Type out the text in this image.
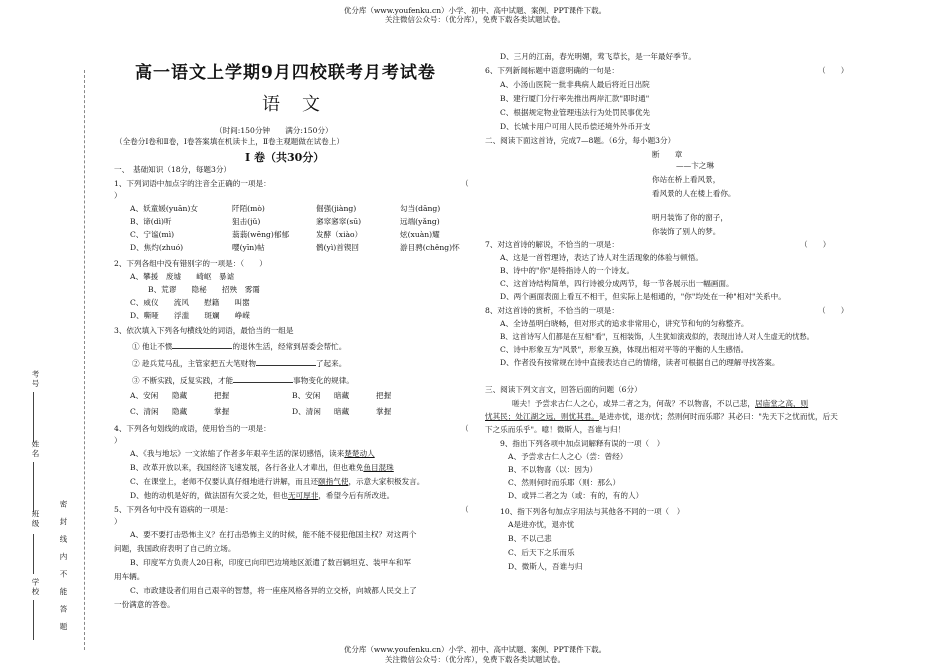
优分库（www.youfenku.cn）小学、初中、高中试题、案例、PPT课件下载。
关注微信公众号：（优分库），免费下载各类试题试卷。
考号
姓名
班级
学校	密封线内不能答题
高一语文上学期9月四校联考月考试卷
语文
（时间:150分钟　　满分:150分）
（全卷分Ⅰ卷和Ⅱ卷，Ⅰ卷答案填在机读卡上，Ⅱ卷主观题做在试卷上）
Ⅰ 卷（共30分）
一、　基础知识（18分，每题3分）
1、下列词语中加点字的注音全正确的一项是：	（
）
A、妖童媛(yuān)女	阡陌(mò)	倔强(jiàng)	勾当(dāng)
B、谛(dì)听	狙击(jǔ)	窸窣窸窣(sū)	远端(yǎng)
C、宁谧(mì)	蓊蓊(wēng)郁郁	发酵（xiào）	炫(xuàn)耀
D、焦灼(zhuó)	嘤(yīn)帖	鹘(yì)首锲回	游目骋(chěng)怀
2、下列各组中没有错别字的一项是：（　　）
A、攀援　废墟　　崎岖　暴谑
B、荒谬　　隐秘　　招殃　雾霭
C、威仪　　流风　　慰籍　　叫嚣
D、嘶哑　　浮滥　　斑斓　　峥嵘
3、依次填入下列各句横线处的词语，最恰当的一组是
① 他让不惯	的退休生活，经常到居委会帮忙。
② 趁兵荒马乱，主管家把五大笔财物	了起来。
③ 不断实践，反复实践，才能	事物变化的规律。
A、安闲 隐藏	把握	B、安闲 暗藏	把握
C、清闲 隐藏	掌握	D、清闲 暗藏	掌握
4、下列各句划线的成语，使用恰当的一项是：	（
）
A、《我与地坛》一文浓缩了作者多年艰辛生活的深切感悟，读来楚楚动人
B、改革开放以来，我国经济飞速发展，各行各业人才辈出，但也难免鱼目混珠
C、在课堂上，老师不仅要认真仔细地进行讲解，而且还颐指气使，示意大家积极发言。
D、他的动机是好的，做法固有欠妥之处，但也无可厚非，希望今后有所改进。
5、下列各句中没有语病的一项是：	（
）
A、要不要打击恐怖主义？在打击恐怖主义的时候，能不能不侵犯他国主权？对这两个
问题，我国政府表明了自己的立场。
B、印度军方负责人20日称，印度已向印巴边境地区派遣了数百辆坦克、装甲车和军
用车辆。
C、市政建设者们用自己艰辛的智慧，将一座座风格各异的立交桥，向城都人民交上了
一份满意的答卷。
D、三月的江南，春光明媚，莺飞草长，是一年最好季节。
6、下列新闻标题中语意明确的一句是：	（　　）
A、小汤山医院一批非典病人最后将近日出院
B、建行厦门分行率先推出两岸汇款"即时通"
C、根据规定物业管理违法行为处罚民事优先
D、长城卡用户可用人民币偿还境外外币开支
二、阅读下面这首诗，完成7—8题。（6分，每小题3分）
断　　章
——卞之琳
你站在桥上看风景，
看风景的人在楼上看你。
明月装饰了你的窗子，
你装饰了别人的梦。
7、对这首诗的解说，不恰当的一项是：	（　　）
A、这是一首哲理诗，表达了诗人对生活现象的体验与顿悟。
B、诗中的"你"是特指诗人的一个诗友。
C、这首诗结构简单，四行诗被分成两节，每一节各展示出一幅画面。
D、两个画面表面上看互不相干，但实际上是相通的，"你"均处在一种"相对"关系中。
8、对这首诗的赏析，不恰当的一项是：	（　　）
A、全诗虽明白晓畅，但对形式的追求非常用心，讲究节和句的匀称整齐。
B、这首诗写人们都是在互相"看"，互相装饰，人生犹如演戏似的，表现出诗人对人生虚无的忧愁。
C、诗中形象互为"风景"，形象互换，体现出相对平等的平衡的人生感悟。
D、作者没有按常规在诗中直接表达自己的情绪，读者可根据自己的理解寻找答案。
三、阅读下列文言文，回答后面的问题（6分）
嗟夫！予尝求古仁人之心，或异二者之为，何哉？不以物喜，不以己悲，居庙堂之高，则
忧其民；处江湖之远，则忧其君。是进亦忧，退亦忧；然则何时而乐耶？其必曰："先天下之忧而忧，后天
下之乐而乐乎"。噫！微斯人，吾谁与归！
9、指出下列各项中加点词解释有误的一项（　）
A、予尝求古仁人之心（尝：曾经）
B、不以物喜（以：因为）
C、然则何时而乐耶（则：那么）
D、或异二者之为（或：有的，有的人）
10、指下列各句加点字用法与其他各不同的一项（　）
A是进亦忧，退亦忧
B、不以己悲
C、后天下之乐而乐
D、微斯人，吾谁与归
优分库（www.youfenku.cn）小学、初中、高中试题、案例、PPT课件下载。
关注微信公众号：（优分库），免费下载各类试题试卷。
